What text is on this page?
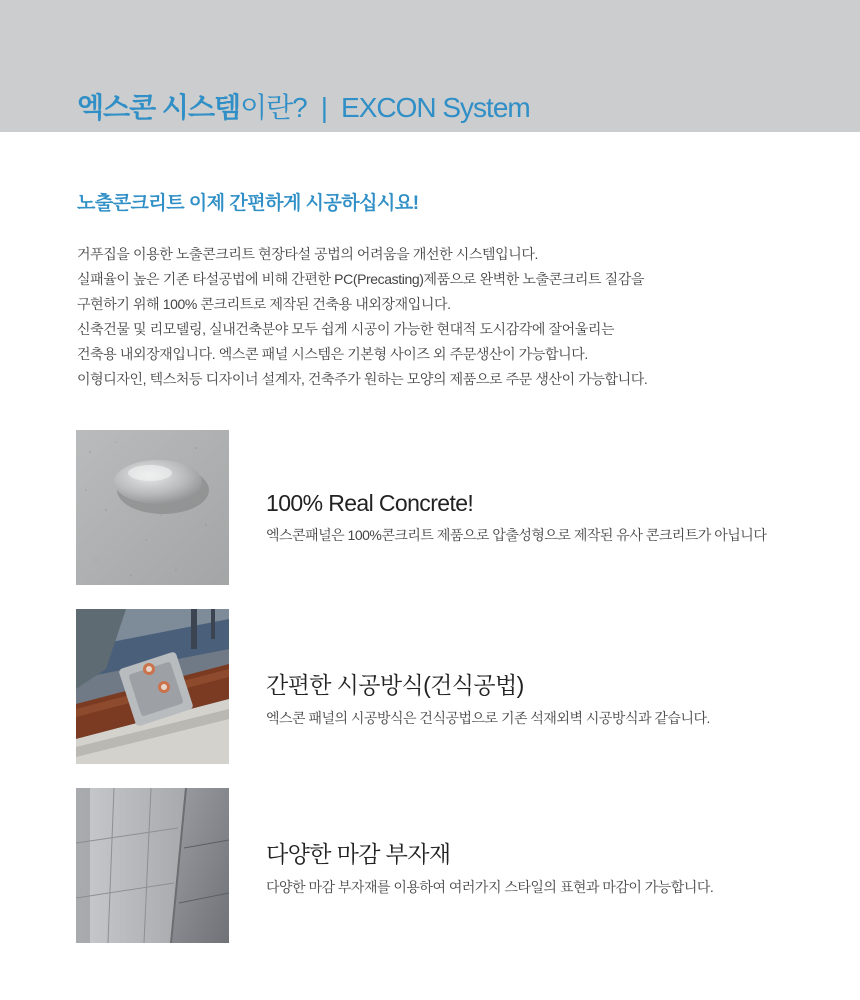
엑스콘 시스템이란? | EXCON System
노출콘크리트 이제 간편하게 시공하십시요!
거푸집을 이용한 노출콘크리트 현장타설 공법의 어려움을 개선한 시스템입니다.
실패율이 높은 기존 타설공법에 비해 간편한 PC(Precasting)제품으로 완벽한 노출콘크리트 질감을
구현하기 위해 100% 콘크리트로 제작된 건축용 내외장재입니다.
신축건물 및 리모델링, 실내건축분야 모두 쉽게 시공이 가능한 현대적 도시감각에 잘어울리는
건축용 내외장재입니다. 엑스콘 패널 시스템은 기본형 사이즈 외 주문생산이 가능합니다.
이형디자인, 텍스처등 디자이너 설계자, 건축주가 원하는 모양의 제품으로 주문 생산이 가능합니다.

100% Real Concrete!

엑스콘패널은 100%콘크리트 제품으로 압출성형으로 제작된 유사 콘크리트가 아닙니다

간편한 시공방식(건식공법)

엑스콘 패널의 시공방식은 건식공법으로 기존 석재외벽 시공방식과 같습니다.

다양한 마감 부자재

다양한 마감 부자재를 이용하여 여러가지 스타일의 표현과 마감이 가능합니다.
